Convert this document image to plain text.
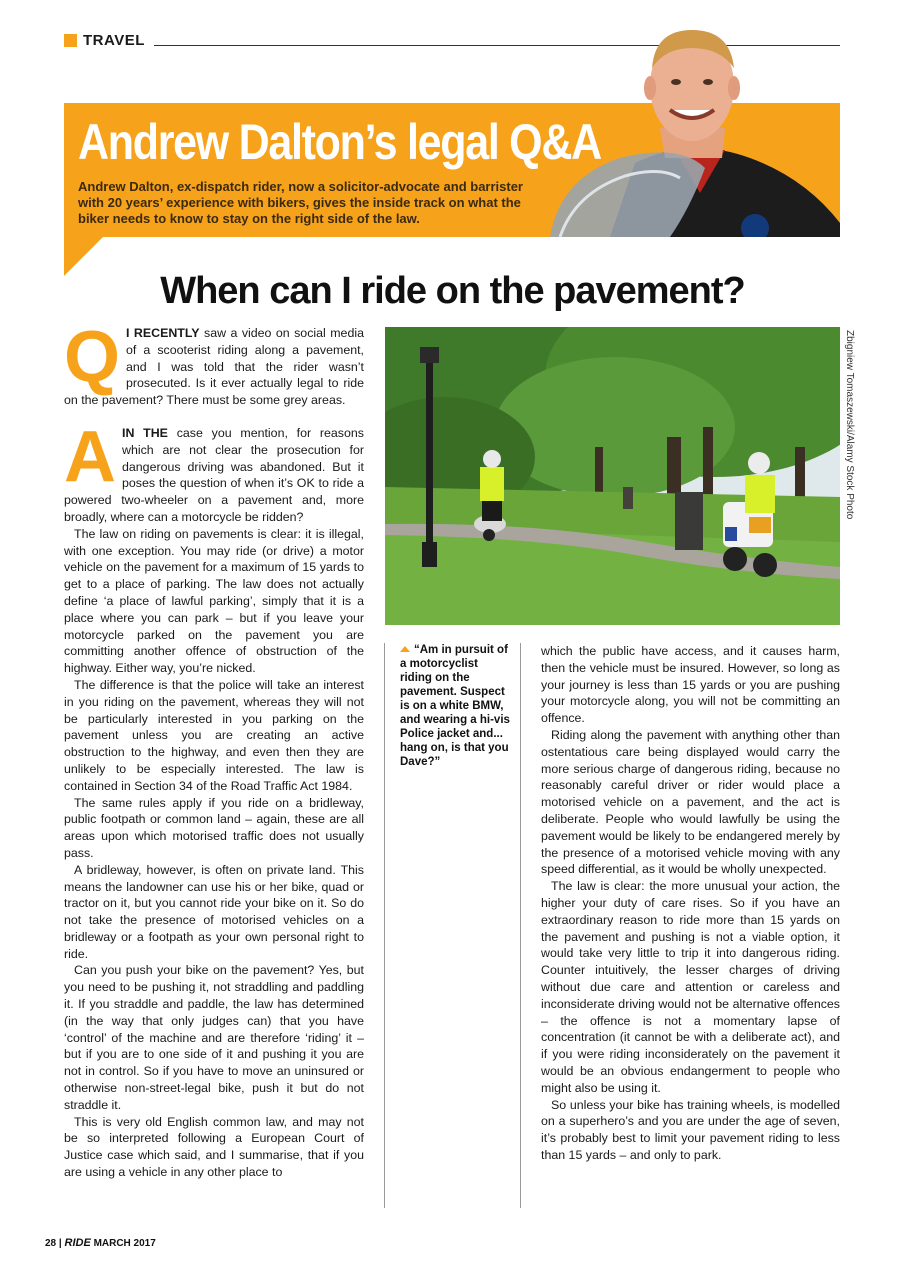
TRAVEL
Andrew Dalton’s legal Q&A
Andrew Dalton, ex-dispatch rider, now a solicitor-advocate and barrister with 20 years’ experience with bikers, gives the inside track on what the biker needs to know to stay on the right side of the law.
When can I ride on the pavement?

Q I RECENTLY saw a video on social media of a scooterist riding along a pavement, and I was told that the rider wasn’t prosecuted. Is it ever actually legal to ride on the pavement? There must be some grey areas.

AIN THE case you mention, for reasons which are not clear the prosecution for dangerous driving was abandoned. But it poses the question of when it’s OK to ride a powered two-wheeler on a pavement and, more broadly, where can a motorcycle be ridden?

The law on riding on pavements is clear: it is illegal, with one exception. You may ride (or drive) a motor vehicle on the pavement for a maximum of 15 yards to get to a place of parking. The law does not actually define ‘a place of lawful parking’, simply that it is a place where you can park – but if you leave your motorcycle parked on the pavement you are committing another offence of obstruction of the highway. Either way, you’re nicked.

The difference is that the police will take an interest in you riding on the pavement, whereas they will not be particularly interested in you parking on the pavement unless you are creating an active obstruction to the highway, and even then they are unlikely to be especially interested. The law is contained in Section 34 of the Road Traffic Act 1984.

The same rules apply if you ride on a bridleway, public footpath or common land – again, these are all areas upon which motorised traffic does not usually pass.

A bridleway, however, is often on private land. This means the landowner can use his or her bike, quad or tractor on it, but you cannot ride your bike on it. So do not take the presence of motorised vehicles on a bridleway or a footpath as your own personal right to ride.

Can you push your bike on the pavement? Yes, but you need to be pushing it, not straddling and paddling it. If you straddle and paddle, the law has determined (in the way that only judges can) that you have ‘control’ of the machine and are therefore ‘riding’ it – but if you are to one side of it and pushing it you are not in control. So if you have to move an uninsured or otherwise non-street-legal bike, push it but do not straddle it.

This is very old English common law, and may not be so interpreted following a European Court of Justice case which said, and I summarise, that if you are using a vehicle in any other place to

Zbigniew Tomaszewski/Alamy Stock Photo
“Am in pursuit of a motorcyclist riding on the pavement. Suspect is on a white BMW, and wearing a hi-vis Police jacket and... hang on, is that you Dave?”

which the public have access, and it causes harm, then the vehicle must be insured. However, so long as your journey is less than 15 yards or you are pushing your motorcycle along, you will not be committing an offence.

Riding along the pavement with anything other than ostentatious care being displayed would carry the more serious charge of dangerous riding, because no reasonably careful driver or rider would place a motorised vehicle on a pavement, and the act is deliberate. People who would lawfully be using the pavement would be likely to be endangered merely by the presence of a motorised vehicle moving with any speed differential, as it would be wholly unexpected.

The law is clear: the more unusual your action, the higher your duty of care rises. So if you have an extraordinary reason to ride more than 15 yards on the pavement and pushing is not a viable option, it would take very little to trip it into dangerous riding. Counter intuitively, the lesser charges of driving without due care and attention or careless and inconsiderate driving would not be alternative offences – the offence is not a momentary lapse of concentration (it cannot be with a deliberate act), and if you were riding inconsiderately on the pavement it would be an obvious endangerment to people who might also be using it.

So unless your bike has training wheels, is modelled on a superhero’s and you are under the age of seven, it’s probably best to limit your pavement riding to less than 15 yards – and only to park.

28 | RIDE MARCH 2017
